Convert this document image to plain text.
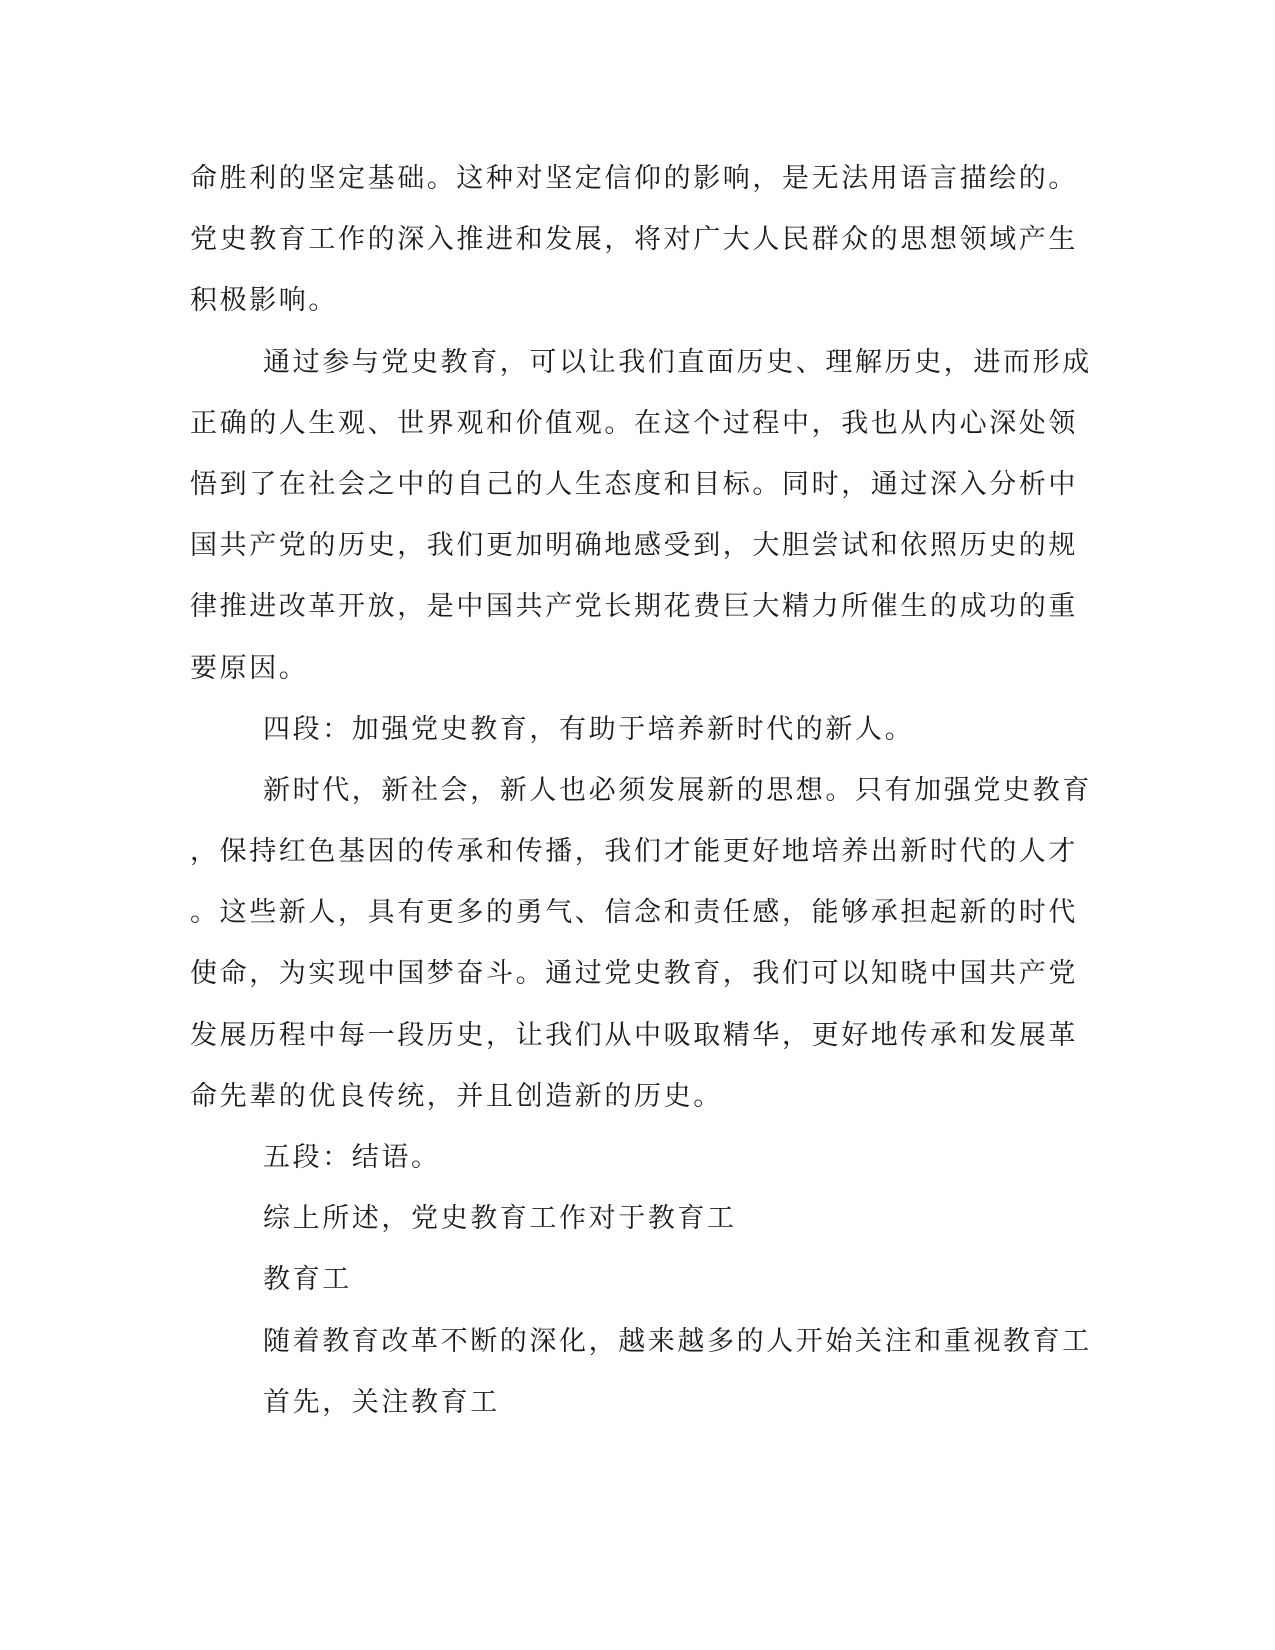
命胜利的坚定基础。这种对坚定信仰的影响，是无法用语言描绘的。
党史教育工作的深入推进和发展，将对广大人民群众的思想领域产生
积极影响。
通过参与党史教育，可以让我们直面历史、理解历史，进而形成
正确的人生观、世界观和价值观。在这个过程中，我也从内心深处领
悟到了在社会之中的自己的人生态度和目标。同时，通过深入分析中
国共产党的历史，我们更加明确地感受到，大胆尝试和依照历史的规
律推进改革开放，是中国共产党长期花费巨大精力所催生的成功的重
要原因。
四段：加强党史教育，有助于培养新时代的新人。
新时代，新社会，新人也必须发展新的思想。只有加强党史教育
，保持红色基因的传承和传播，我们才能更好地培养出新时代的人才
。这些新人，具有更多的勇气、信念和责任感，能够承担起新的时代
使命，为实现中国梦奋斗。通过党史教育，我们可以知晓中国共产党
发展历程中每一段历史，让我们从中吸取精华，更好地传承和发展革
命先辈的优良传统，并且创造新的历史。
五段：结语。
综上所述，党史教育工作对于教育工
教育工
随着教育改革不断的深化，越来越多的人开始关注和重视教育工
首先，关注教育工
